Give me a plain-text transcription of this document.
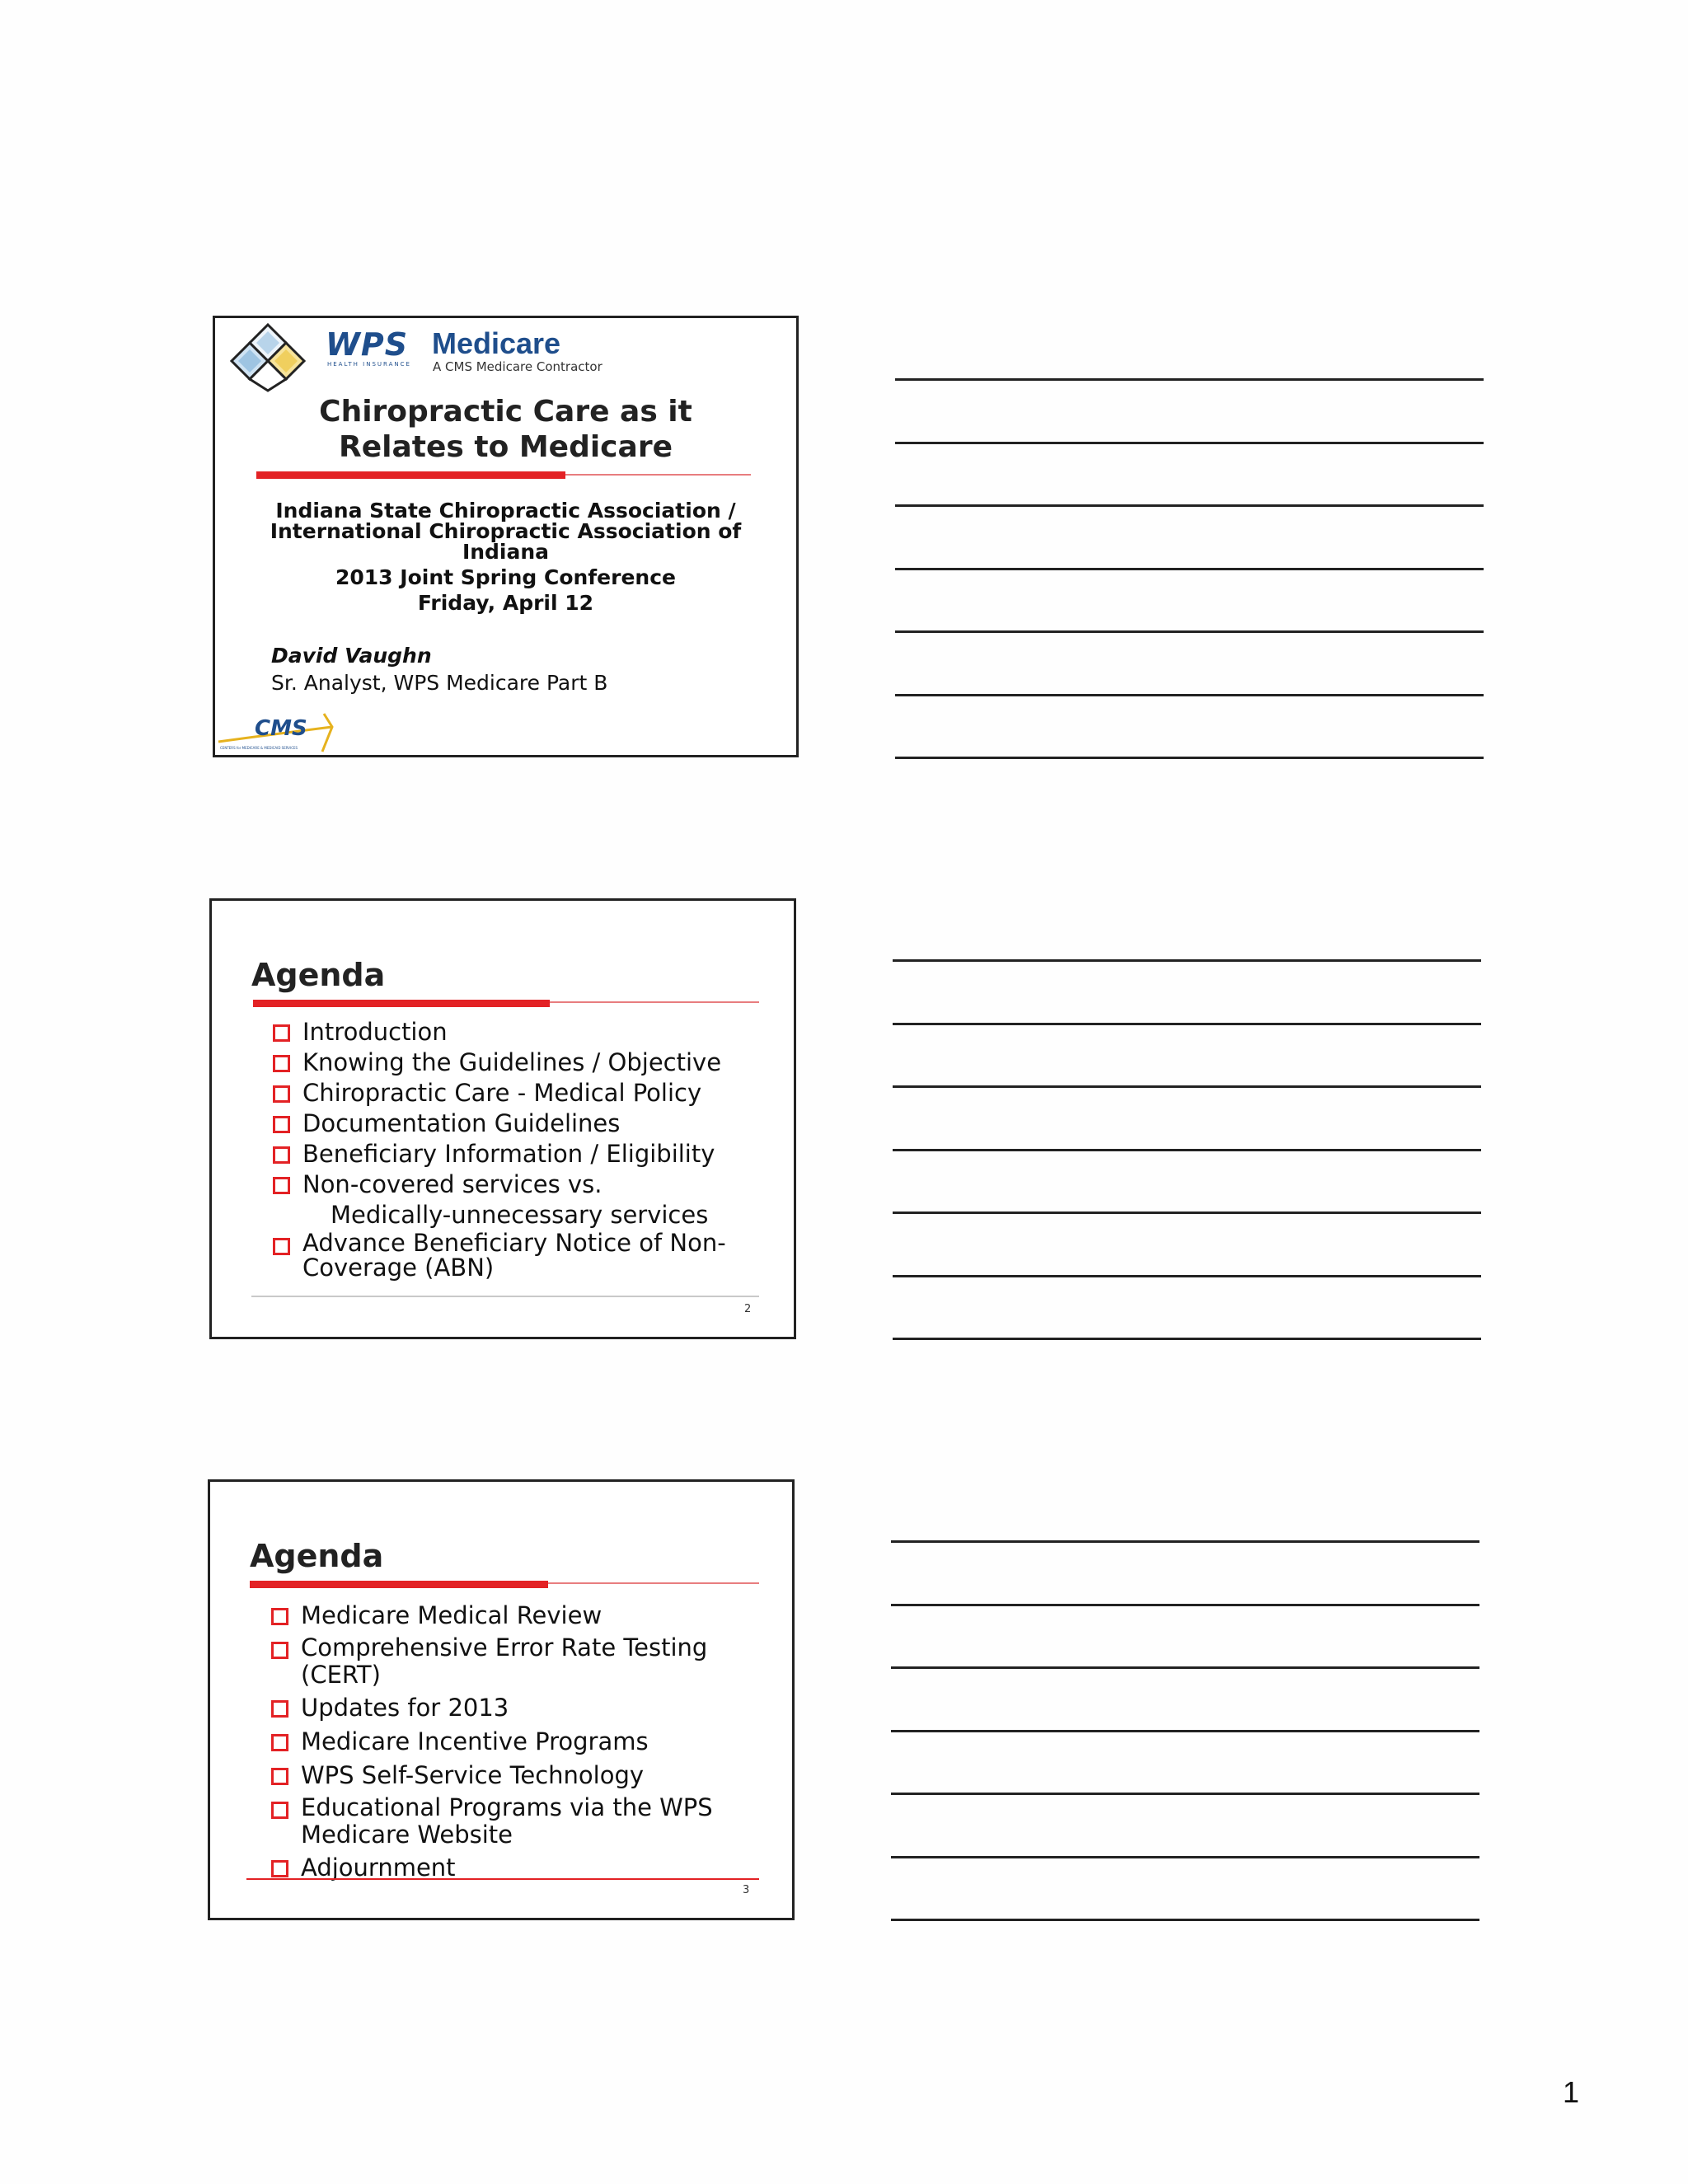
WPS Medicare
HEALTH INSURANCE A CMS Medicare Contractor
Chiropractic Care as it
Relates to Medicare
Indiana State Chiropractic Association /
International Chiropractic Association of
Indiana
2013 Joint Spring Conference
Friday, April 12
David Vaughn
Sr. Analyst, WPS Medicare Part B
CMS
CENTERS for MEDICARE & MEDICAID SERVICES
Agenda
Introduction
Knowing the Guidelines / Objective
Chiropractic Care - Medical Policy
Documentation Guidelines
Beneficiary Information / Eligibility
Non-covered services vs.
Medically-unnecessary services
Advance Beneficiary Notice of Non-Coverage (ABN)
2
Agenda
Medicare Medical Review
Comprehensive Error Rate Testing (CERT)
Updates for 2013
Medicare Incentive Programs
WPS Self-Service Technology
Educational Programs via the WPS Medicare Website
Adjournment
3
1
